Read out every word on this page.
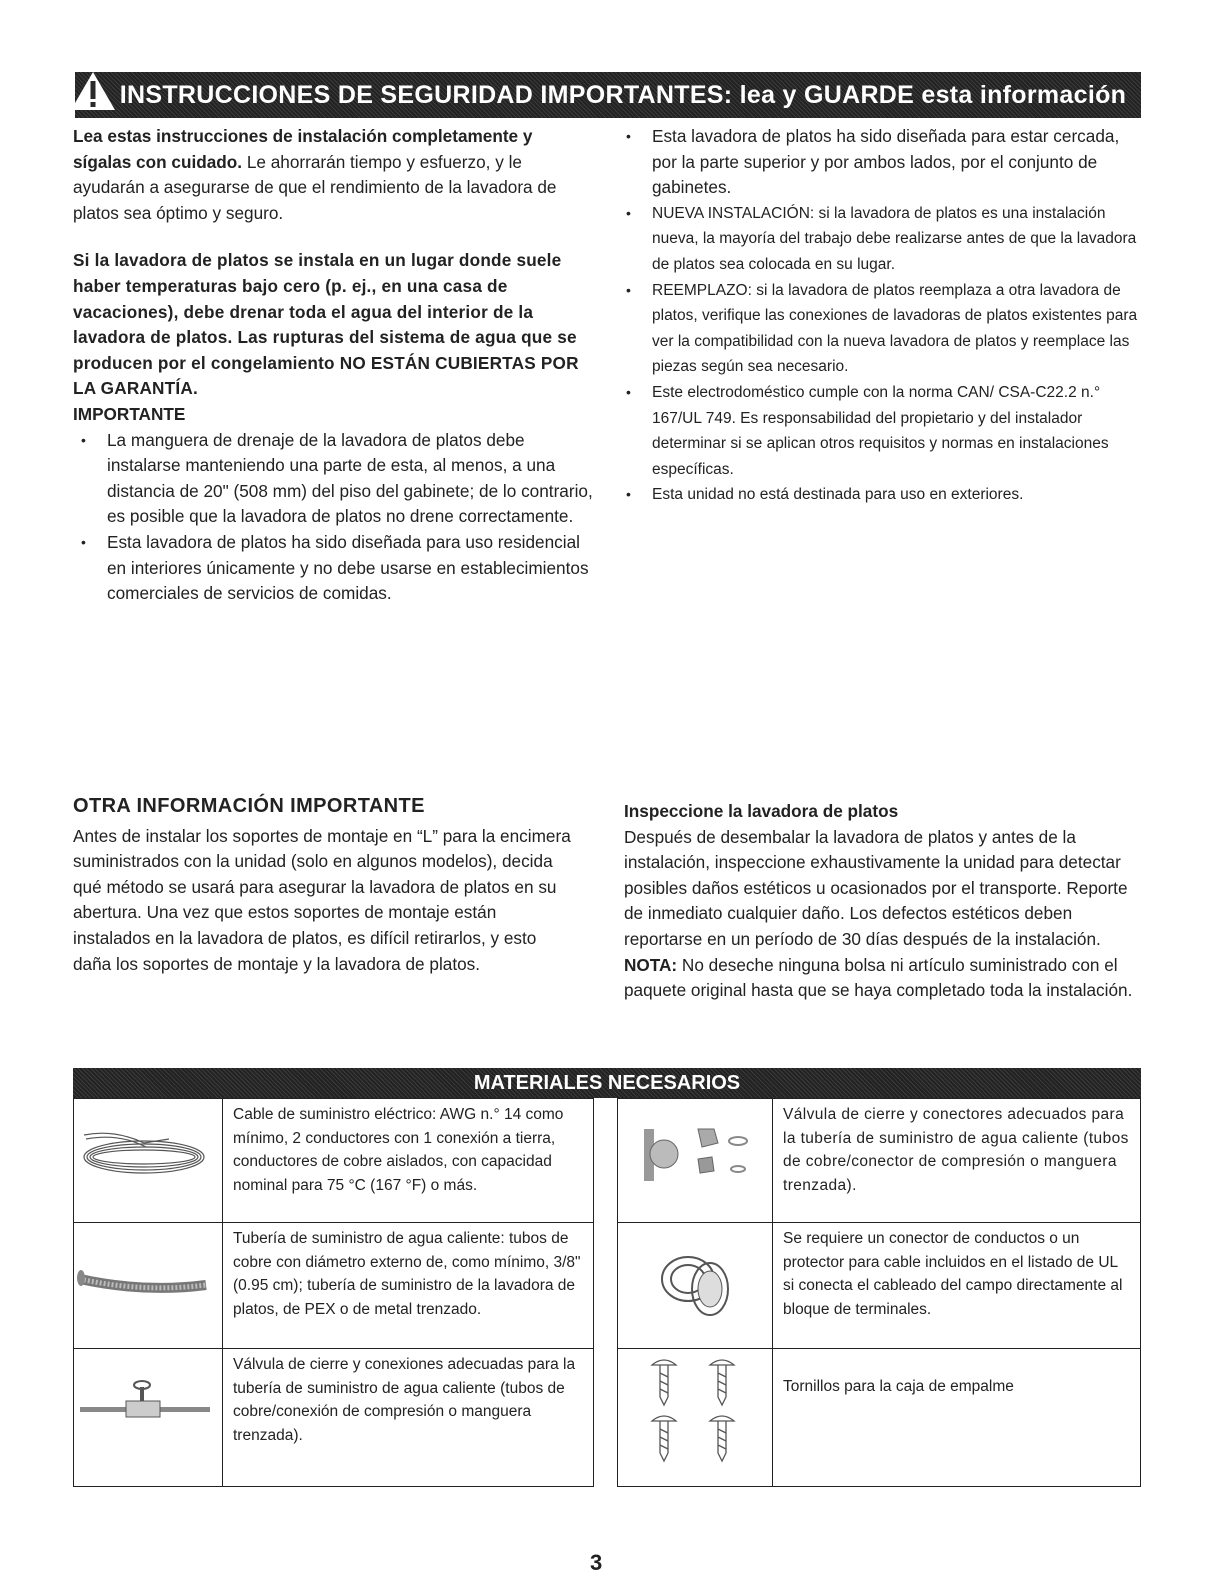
INSTRUCCIONES DE SEGURIDAD IMPORTANTES: lea y GUARDE esta información

Lea estas instrucciones de instalación completamente y sígalas con cuidado. Le ahorrarán tiempo y esfuerzo, y le ayudarán a asegurarse de que el rendimiento de la lavadora de platos sea óptimo y seguro.

Si la lavadora de platos se instala en un lugar donde suele haber temperaturas bajo cero (p. ej., en una casa de vacaciones), debe drenar toda el agua del interior de la lavadora de platos. Las rupturas del sistema de agua que se producen por el congelamiento NO ESTÁN CUBIERTAS POR LA GARANTÍA.

IMPORTANTE

• La manguera de drenaje de la lavadora de platos debe instalarse manteniendo una parte de esta, al menos, a una distancia de 20" (508 mm) del piso del gabinete; de lo contrario, es posible que la lavadora de platos no drene correctamente.
• Esta lavadora de platos ha sido diseñada para uso residencial en interiores únicamente y no debe usarse en establecimientos comerciales de servicios de comidas.
• Esta lavadora de platos ha sido diseñada para estar cercada, por la parte superior y por ambos lados, por el conjunto de gabinetes.
• NUEVA INSTALACIÓN: si la lavadora de platos es una instalación nueva, la mayoría del trabajo debe realizarse antes de que la lavadora de platos sea colocada en su lugar.
• REEMPLAZO: si la lavadora de platos reemplaza a otra lavadora de platos, verifique las conexiones de lavadoras de platos existentes para ver la compatibilidad con la nueva lavadora de platos y reemplace las piezas según sea necesario.
• Este electrodoméstico cumple con la norma CAN/ CSA-C22.2 n.° 167/UL 749. Es responsabilidad del propietario y del instalador determinar si se aplican otros requisitos y normas en instalaciones específicas.
• Esta unidad no está destinada para uso en exteriores.
OTRA INFORMACIÓN IMPORTANTE

Antes de instalar los soportes de montaje en “L” para la encimera suministrados con la unidad (solo en algunos modelos), decida qué método se usará para asegurar la lavadora de platos en su abertura. Una vez que estos soportes de montaje están instalados en la lavadora de platos, es difícil retirarlos, y esto daña los soportes de montaje y la lavadora de platos.

Inspeccione la lavadora de platos

Después de desembalar la lavadora de platos y antes de la instalación, inspeccione exhaustivamente la unidad para detectar posibles daños estéticos u ocasionados por el transporte. Reporte de inmediato cualquier daño. Los defectos estéticos deben reportarse en un período de 30 días después de la instalación.

NOTA: No deseche ninguna bolsa ni artículo suministrado con el paquete original hasta que se haya completado toda la instalación.

MATERIALES NECESARIOS
	Cable de suministro eléctrico: AWG n.° 14 como mínimo, 2 conductores con 1 conexión a tierra, conductores de cobre aislados, con capacidad nominal para 75 °C (167 °F) o más.

	Tubería de suministro de agua caliente: tubos de cobre con diámetro externo de, como mínimo, 3/8" (0.95 cm); tubería de suministro de la lavadora de platos, de PEX o de metal trenzado.

	Válvula de cierre y conexiones adecuadas para la tubería de suministro de agua caliente (tubos de cobre/conexión de compresión o manguera trenzada).
	Válvula de cierre y conectores adecuados para la tubería de suministro de agua caliente (tubos de cobre/conector de compresión o manguera trenzada).

	Se requiere un conector de conductos o un protector para cable incluidos en el listado de UL si conecta el cableado del campo directamente al bloque de terminales.

	Tornillos para la caja de empalme
3
